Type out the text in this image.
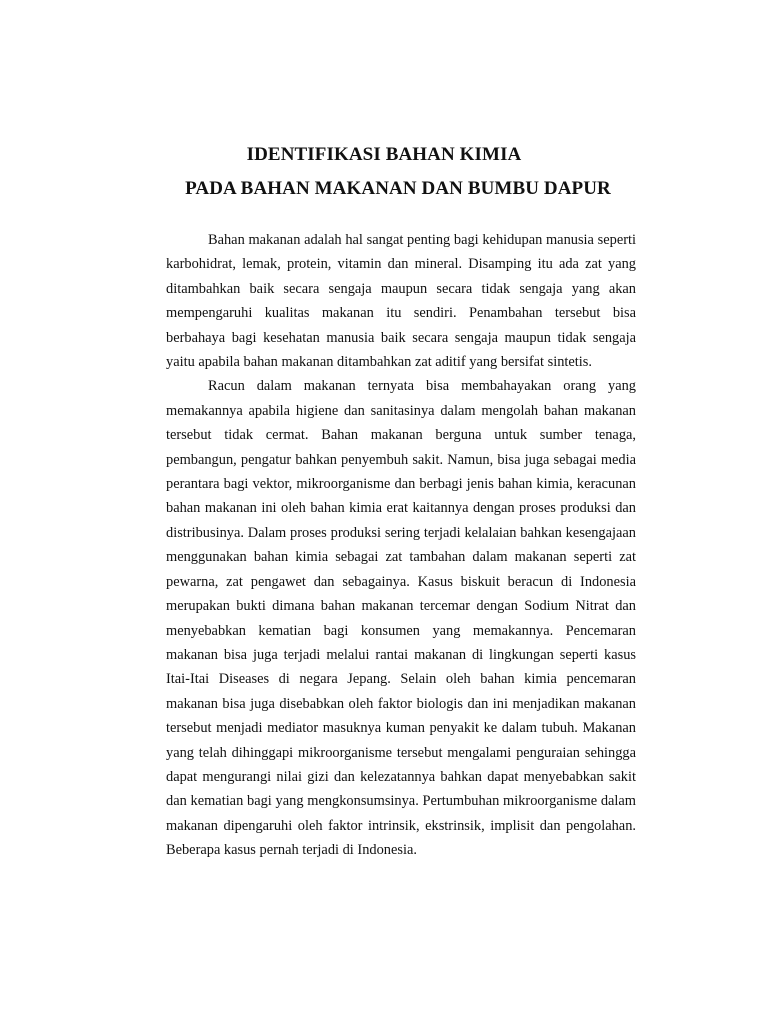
IDENTIFIKASI BAHAN KIMIA
PADA BAHAN MAKANAN DAN BUMBU DAPUR

Bahan makanan adalah hal sangat penting bagi kehidupan manusia seperti karbohidrat, lemak, protein, vitamin dan mineral. Disamping itu ada zat yang ditambahkan baik secara sengaja maupun secara tidak sengaja yang akan mempengaruhi kualitas makanan itu sendiri. Penambahan tersebut bisa berbahaya bagi kesehatan manusia baik secara sengaja maupun tidak sengaja yaitu apabila bahan makanan ditambahkan zat aditif yang bersifat sintetis.

Racun dalam makanan ternyata bisa membahayakan orang yang memakannya apabila higiene dan sanitasinya dalam mengolah bahan makanan tersebut tidak cermat. Bahan makanan berguna untuk sumber tenaga, pembangun, pengatur bahkan penyembuh sakit. Namun, bisa juga sebagai media perantara bagi vektor, mikroorganisme dan berbagi jenis bahan kimia, keracunan bahan makanan ini oleh bahan kimia erat kaitannya dengan proses produksi dan distribusinya. Dalam proses produksi sering terjadi kelalaian bahkan kesengajaan menggunakan bahan kimia sebagai zat tambahan dalam makanan seperti zat pewarna, zat pengawet dan sebagainya. Kasus biskuit beracun di Indonesia merupakan bukti dimana bahan makanan tercemar dengan Sodium Nitrat dan menyebabkan kematian bagi konsumen yang memakannya. Pencemaran makanan bisa juga terjadi melalui rantai makanan di lingkungan seperti kasus Itai-Itai Diseases di negara Jepang. Selain oleh bahan kimia pencemaran makanan bisa juga disebabkan oleh faktor biologis dan ini menjadikan makanan tersebut menjadi mediator masuknya kuman penyakit ke dalam tubuh. Makanan yang telah dihinggapi mikroorganisme tersebut mengalami penguraian sehingga dapat mengurangi nilai gizi dan kelezatannya bahkan dapat menyebabkan sakit dan kematian bagi yang mengkonsumsinya. Pertumbuhan mikroorganisme dalam makanan dipengaruhi oleh faktor intrinsik, ekstrinsik, implisit dan pengolahan. Beberapa kasus pernah terjadi di Indonesia.
